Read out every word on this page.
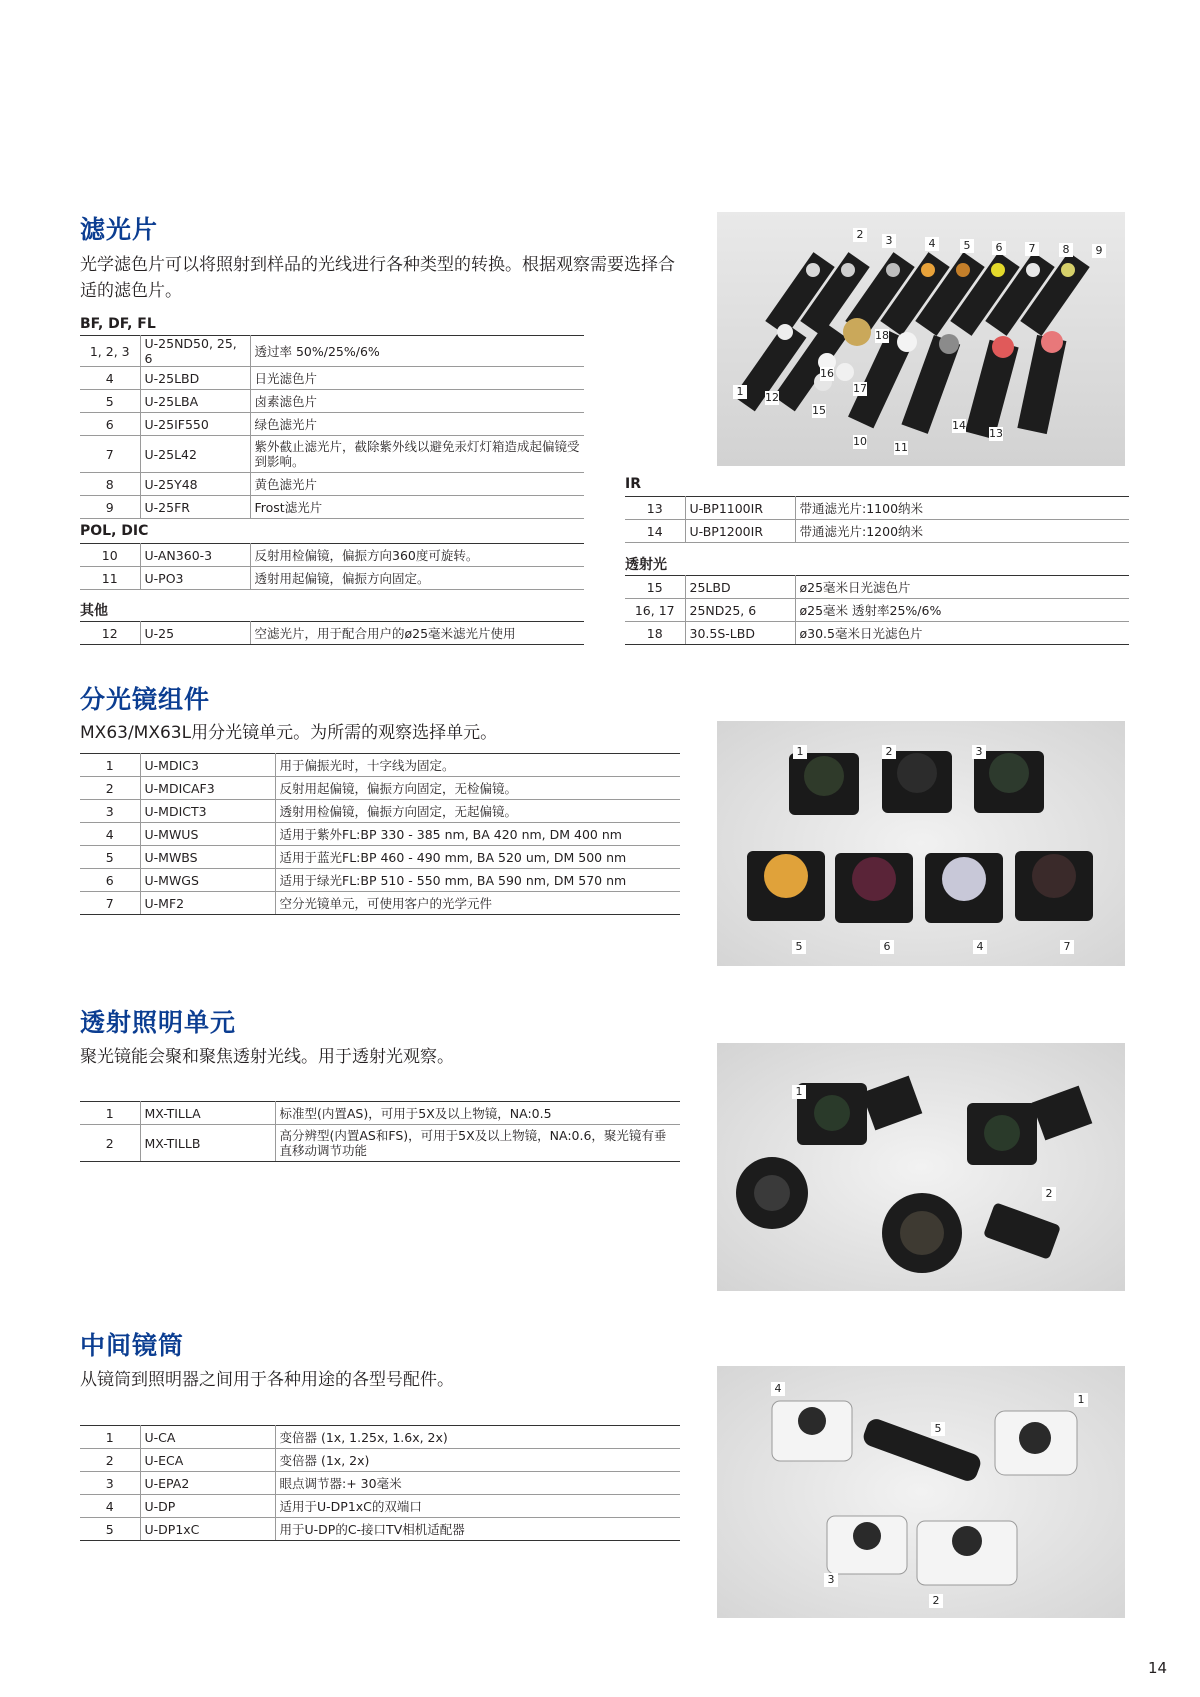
滤光片
光学滤色片可以将照射到样品的光线进行各种类型的转换。根据观察需要选择合适的滤色片。
BF, DF, FL
1, 2, 3	U-25ND50, 25, 6	透过率 50%/25%/6%
4	U-25LBD	日光滤色片
5	U-25LBA	卤素滤色片
6	U-25IF550	绿色滤光片
7	U-25L42	紫外截止滤光片，截除紫外线以避免汞灯灯箱造成起偏镜受到影响。
8	U-25Y48	黄色滤光片
9	U-25FR	Frost滤光片
POL, DIC
10	U-AN360-3	反射用检偏镜，偏振方向360度可旋转。
11	U-PO3	透射用起偏镜，偏振方向固定。
其他
12	U-25	空滤光片，用于配合用户的ø25毫米滤光片使用
2	3	4	5	6	7	8	9
18
1	12
16
17
15
14
13
10 11
IR
13	U-BP1100IR	带通滤光片:1100纳米
14	U-BP1200IR	带通滤光片:1200纳米
透射光
15	25LBD	ø25毫米日光滤色片
16, 17	25ND25, 6	ø25毫米 透射率25%/6%
18	30.5S-LBD	ø30.5毫米日光滤色片
分光镜组件
MX63/MX63L用分光镜单元。为所需的观察选择单元。
1	U-MDIC3	用于偏振光时，十字线为固定。
2	U-MDICAF3	反射用起偏镜，偏振方向固定，无检偏镜。
3	U-MDICT3	透射用检偏镜，偏振方向固定，无起偏镜。
4	U-MWUS	适用于紫外FL:BP 330 - 385 nm, BA 420 nm, DM 400 nm
5	U-MWBS	适用于蓝光FL:BP 460 - 490 mm, BA 520 um, DM 500 nm
6	U-MWGS	适用于绿光FL:BP 510 - 550 mm, BA 590 nm, DM 570 nm
7	U-MF2	空分光镜单元，可使用客户的光学元件
1	2	3
5	6	4	7
透射照明单元
聚光镜能会聚和聚焦透射光线。用于透射光观察。
1	MX-TILLA	标准型(内置AS)，可用于5X及以上物镜，NA:0.5
2	MX-TILLB	高分辨型(内置AS和FS)，可用于5X及以上物镜，NA:0.6，聚光镜有垂直移动调节功能
1
2
中间镜筒
从镜筒到照明器之间用于各种用途的各型号配件。
1	U-CA	变倍器 (1x, 1.25x, 1.6x, 2x)
2	U-ECA	变倍器 (1x, 2x)
3	U-EPA2	眼点调节器:+ 30毫米
4	U-DP	适用于U-DP1xC的双端口
5	U-DP1xC	用于U-DP的C-接口TV相机适配器
4
1
5
3
2
14
